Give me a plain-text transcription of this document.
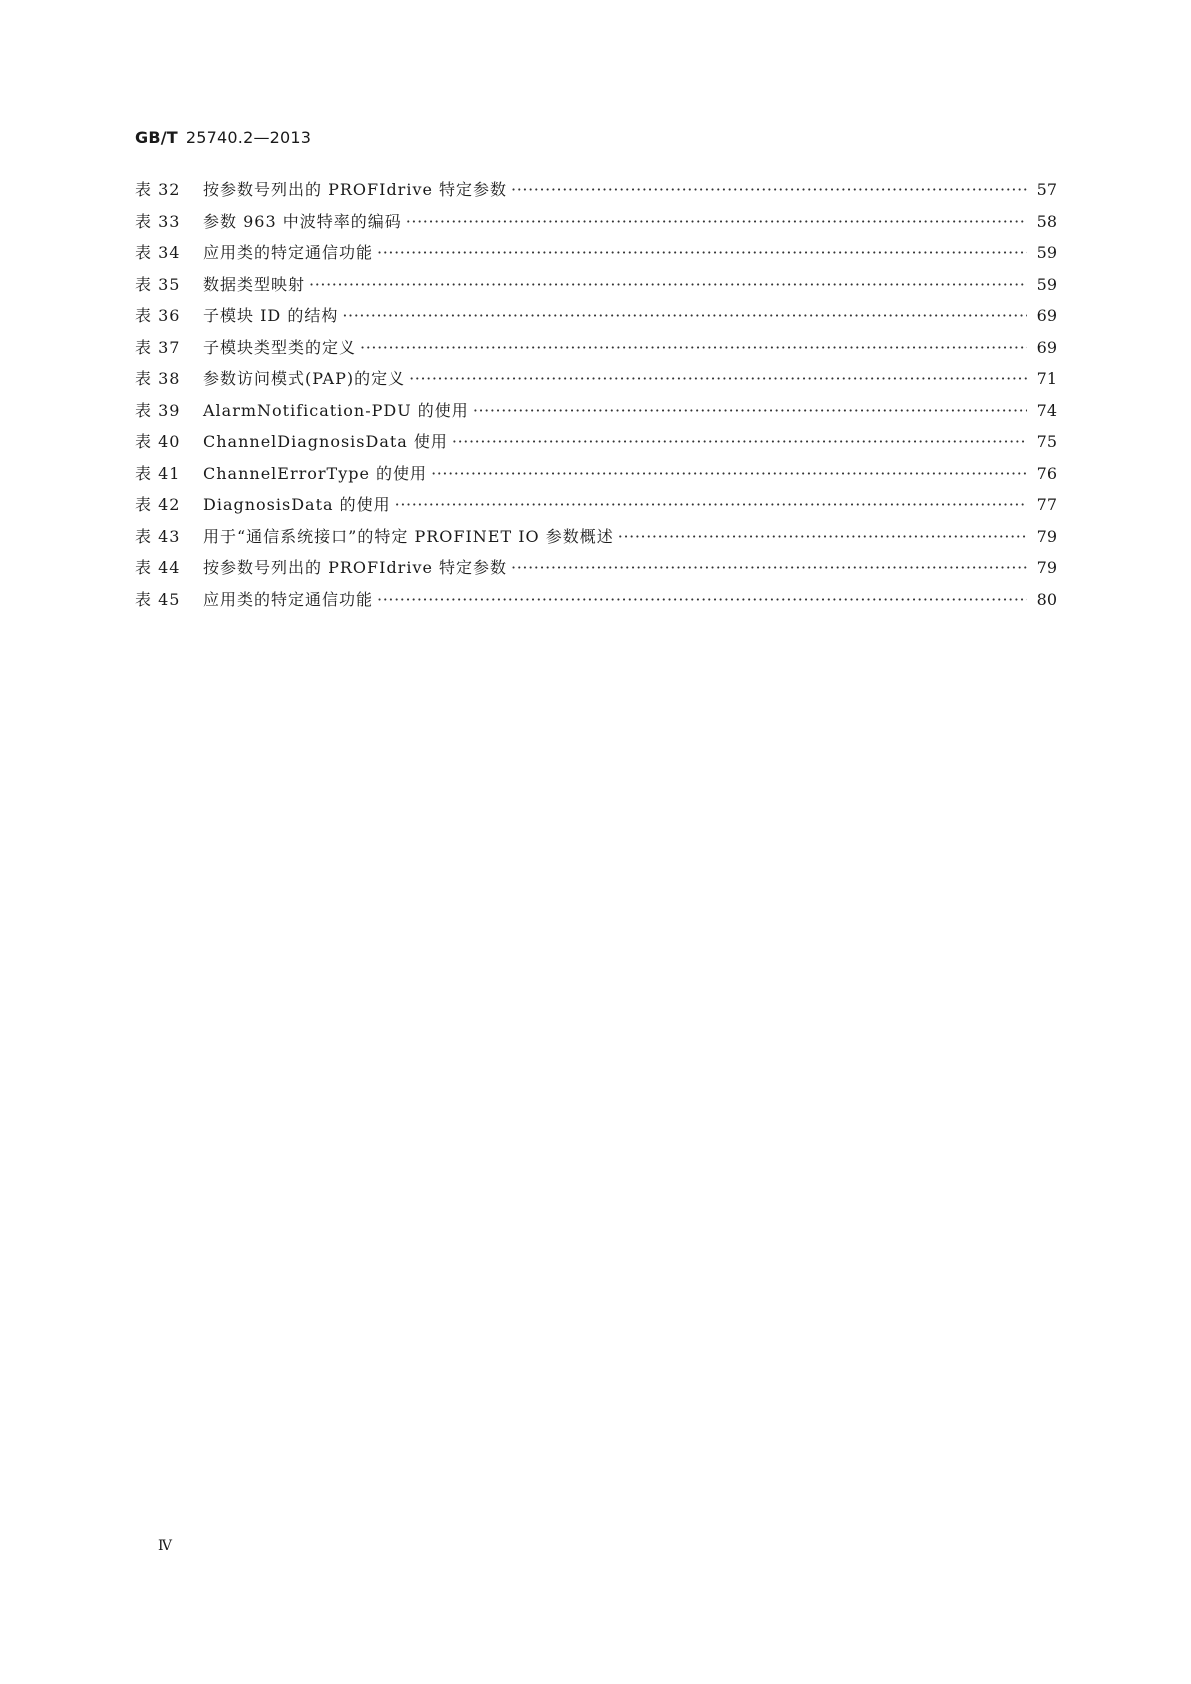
GB/T 25740.2—2013
表 32	按参数号列出的 PROFIdrive 特定参数 ·····	57
表 33	参数 963 中波特率的编码 ·····	58
表 34	应用类的特定通信功能 ·····	59
表 35	数据类型映射 ·····	59
表 36	子模块 ID 的结构 ·····	69
表 37	子模块类型类的定义 ·····	69
表 38	参数访问模式(PAP)的定义 ·····	71
表 39	AlarmNotification-PDU 的使用 ·····	74
表 40	ChannelDiagnosisData 使用 ·····	75
表 41	ChannelErrorType 的使用 ·····	76
表 42	DiagnosisData 的使用 ·····	77
表 43	用于“通信系统接口”的特定 PROFINET IO 参数概述 ·····	79
表 44	按参数号列出的 PROFIdrive 特定参数 ·····	79
表 45	应用类的特定通信功能 ·····	80
Ⅳ
